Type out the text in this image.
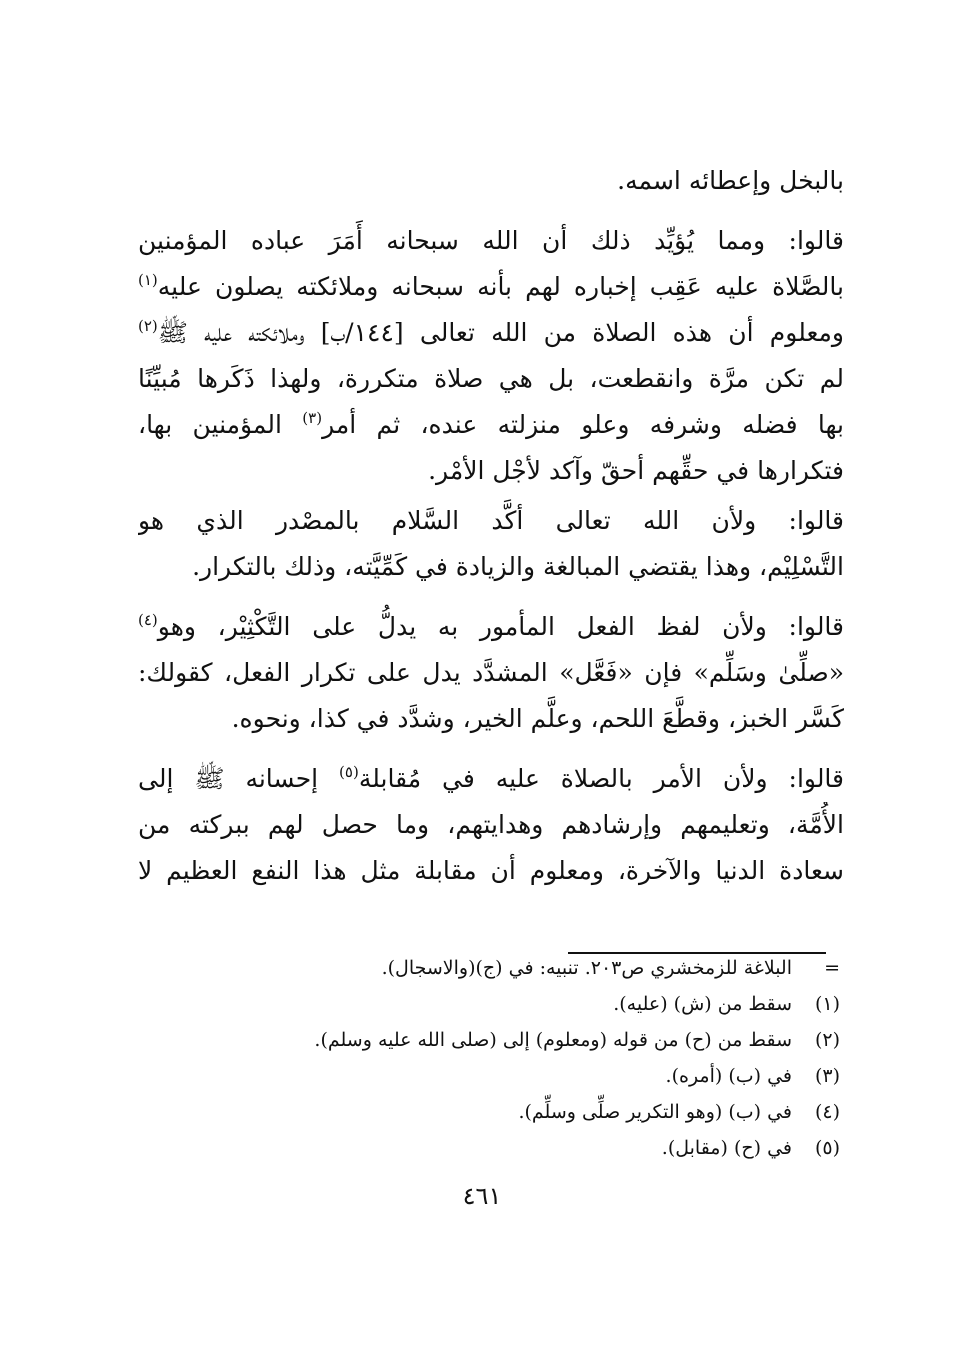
بالبخل وإعطائه اسمه.
قالوا: ومما يُؤيِّد ذلك أن الله سبحانه أَمَرَ عباده المؤمنين
بالصَّلاة عليه عَقِب إخباره لهم بأنه سبحانه وملائكته يصلون عليه$^{(١)}$
ومعلوم أن هذه الصلاة من الله تعالى [١٤٤/ب] وملائكته عليه ﷺ$^{(٢)}$
لم تكن مرَّة وانقطعت، بل هي صلاة متكررة، ولهذا ذَكَرها مُبيِّنًا
بها فضله وشرفه وعلو منزلته عنده، ثم أمر$^{(٣)}$ المؤمنين بها،
فتكرارها في حقِّهم أحقّ وآكد لأجْل الأمْر.
قالوا: ولأن الله تعالى أكَّد السَّلام بالمصْدر الذي هو
التَّسْلِيْم، وهذا يقتضي المبالغة والزيادة في كَمِّيَّته، وذلك بالتكرار.
قالوا: ولأن لفظ الفعل المأمور به يدلُّ على التَّكْثِيْر، وهو$^{(٤)}$
«صلِّىٰ وسَلِّم» فإن «فَعَّل» المشدَّد يدل على تكرار الفعل، كقولك:
كَسَّر الخبز، وقطَّعَ اللحم، وعلَّم الخير، وشدَّد في كذا، ونحوه.
قالوا: ولأن الأمر بالصلاة عليه في مُقابلة$^{(٥)}$ إحسانه ﷺ إلى
الأُمَّة، وتعليمهم وإرشادهم وهدايتهم، وما حصل لهم ببركته من
سعادة الدنيا والآخرة، ومعلوم أن مقابلة مثل هذا النفع العظيم لا
=البلاغة للزمخشري ص٢٠٣. تنبيه: في (ج)(والاسجال).
(١)سقط من (ش) (عليه).
(٢)سقط من (ح) من قوله (ومعلوم) إلى (صلى الله عليه وسلم).
(٣)في (ب) (أمره).
(٤)في (ب) (وهو التكرير صلِّى وسلِّم).
(٥)في (ح) (مقابل).
٤٦١
